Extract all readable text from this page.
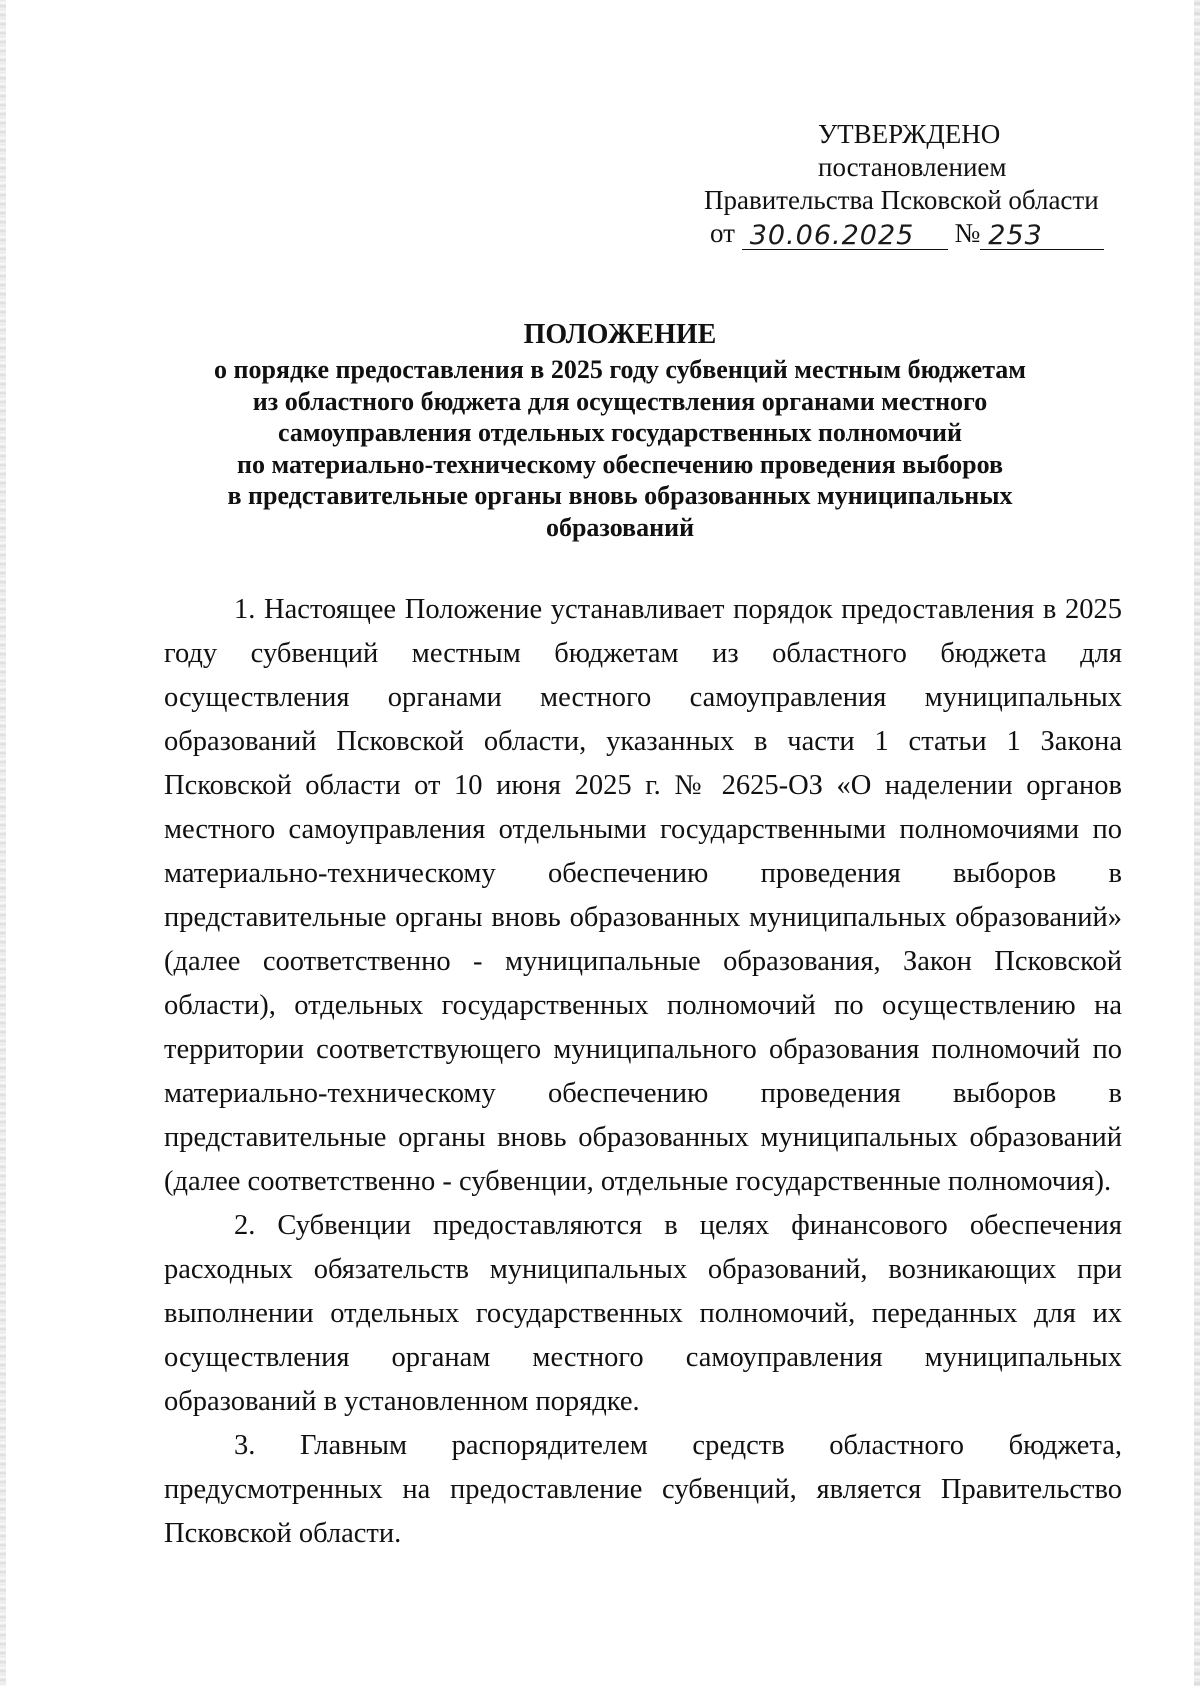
УТВЕРЖДЕНО
постановлением
Правительства Псковской области
от 30.06.2025 № 253
ПОЛОЖЕНИЕ
о порядке предоставления в 2025 году субвенций местным бюджетам
из областного бюджета для осуществления органами местного
самоуправления отдельных государственных полномочий
по материально-техническому обеспечению проведения выборов
в представительные органы вновь образованных муниципальных
образований

1. Настоящее Положение устанавливает порядок предоставления в 2025 году субвенций местным бюджетам из областного бюджета для осуществления органами местного самоуправления муниципальных образований Псковской области, указанных в части 1 статьи 1 Закона Псковской области от 10 июня 2025 г. № 2625-ОЗ «О наделении органов местного самоуправления отдельными государственными полномочиями по материально-техническому обеспечению проведения выборов в представительные органы вновь образованных муниципальных образований» (далее соответственно - муниципальные образования, Закон Псковской области), отдельных государственных полномочий по осуществлению на территории соответствующего муниципального образования полномочий по материально-техническому обеспечению проведения выборов в представительные органы вновь образованных муниципальных образований (далее соответственно - субвенции, отдельные государственные полномочия).

2. Субвенции предоставляются в целях финансового обеспечения расходных обязательств муниципальных образований, возникающих при выполнении отдельных государственных полномочий, переданных для их осуществления органам местного самоуправления муниципальных образований в установленном порядке.

3. Главным распорядителем средств областного бюджета, предусмотренных на предоставление субвенций, является Правительство Псковской области.
